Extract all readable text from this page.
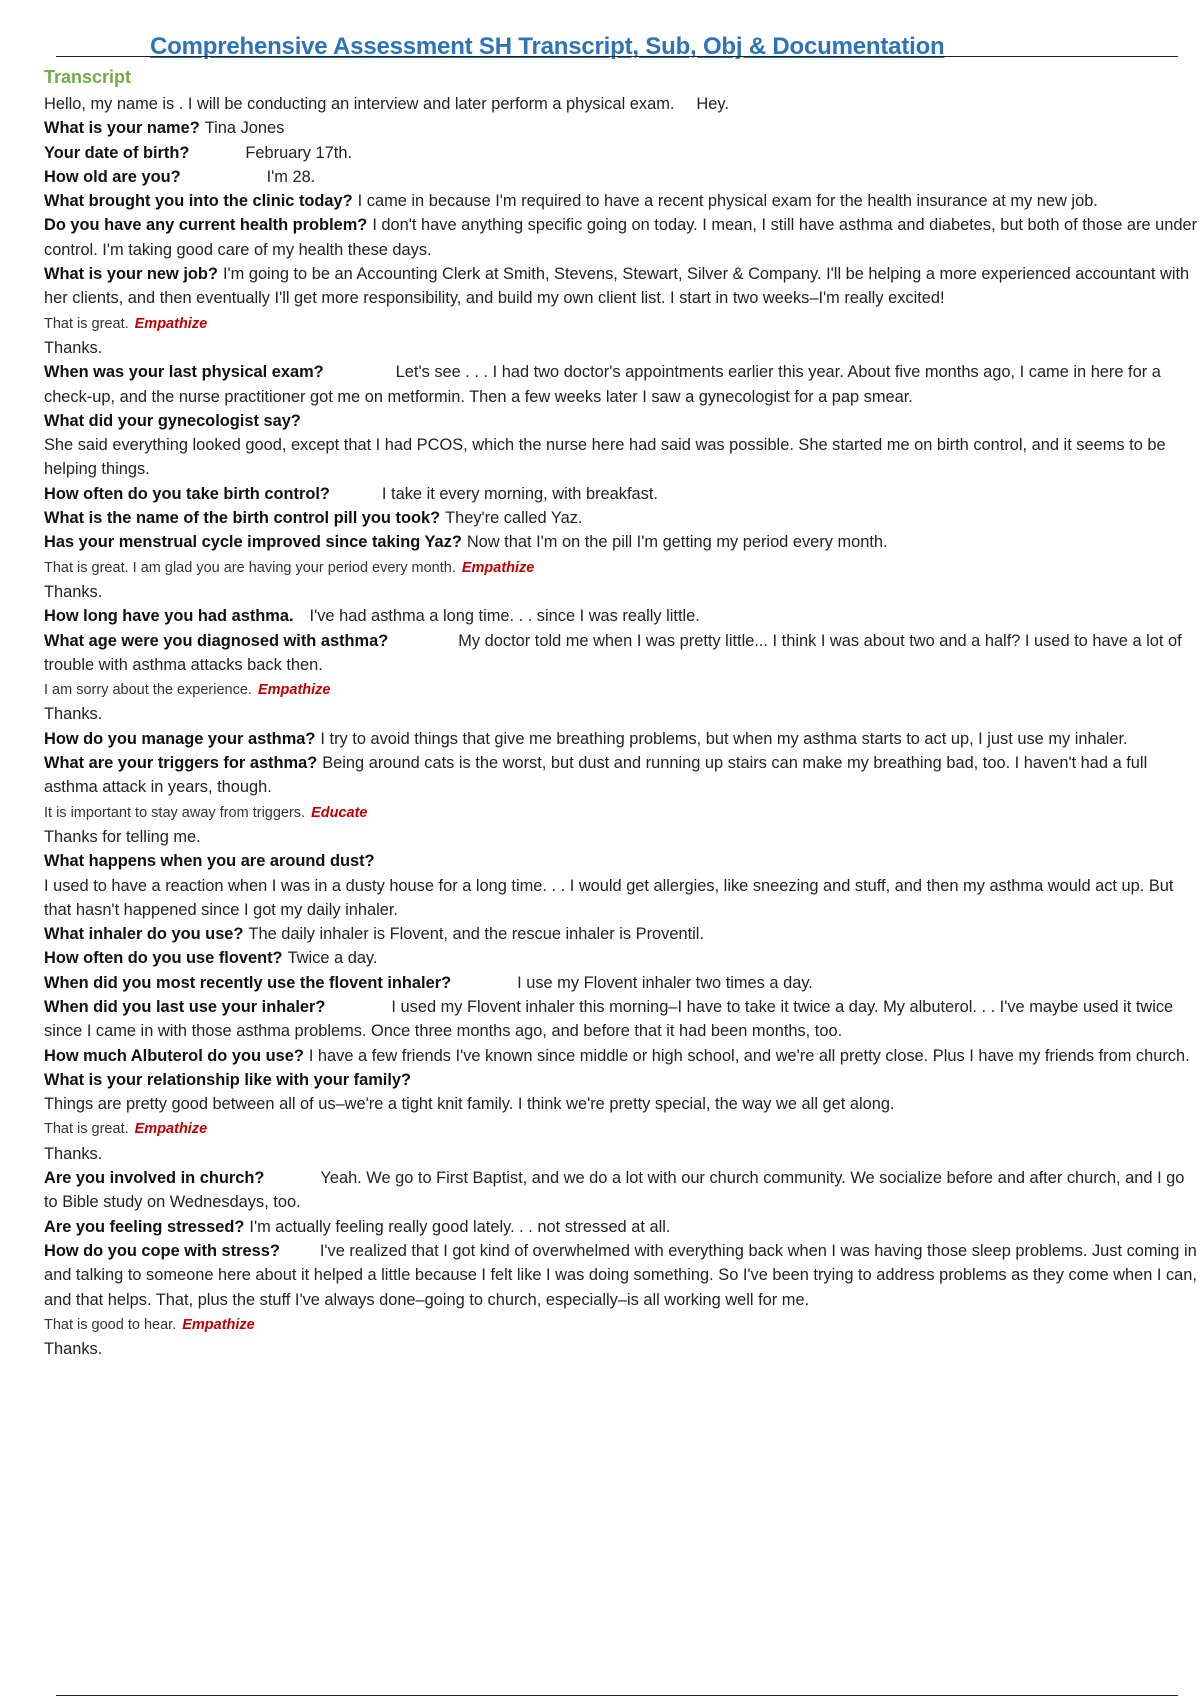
Comprehensive Assessment SH Transcript, Sub, Obj & Documentation
Transcript

Hello, my name is . I will be conducting an interview and later perform a physical exam. Hey.

What is your name? Tina Jones

Your date of birth?	February 17th.

How old are you?	I'm 28.

What brought you into the clinic today? I came in because I'm required to have a recent physical exam for the health insurance at my new job.

Do you have any current health problem? I don't have anything specific going on today. I mean, I still have asthma and diabetes, but both of those are under control. I'm taking good care of my health these days.

What is your new job? I'm going to be an Accounting Clerk at Smith, Stevens, Stewart, Silver & Company. I'll be helping a more experienced accountant with her clients, and then eventually I'll get more responsibility, and build my own client list. I start in two weeks–I'm really excited!

That is great. Empathize

Thanks.

When was your last physical exam?	Let's see . . . I had two doctor's appointments earlier this year. About five months ago, I came in here for a check-up, and the nurse practitioner got me on metformin. Then a few weeks later I saw a gynecologist for a pap smear.

What did your gynecologist say?

She said everything looked good, except that I had PCOS, which the nurse here had said was possible. She started me on birth control, and it seems to be helping things.

How often do you take birth control?	I take it every morning, with breakfast.

What is the name of the birth control pill you took? They're called Yaz.

Has your menstrual cycle improved since taking Yaz? Now that I'm on the pill I'm getting my period every month.

That is great. I am glad you are having your period every month. Empathize

Thanks.

How long have you had asthma. I've had asthma a long time. . . since I was really little.

What age were you diagnosed with asthma?	My doctor told me when I was pretty little... I think I was about two and a half? I used to have a lot of trouble with asthma attacks back then.

I am sorry about the experience. Empathize

Thanks.

How do you manage your asthma? I try to avoid things that give me breathing problems, but when my asthma starts to act up, I just use my inhaler.

What are your triggers for asthma? Being around cats is the worst, but dust and running up stairs can make my breathing bad, too. I haven't had a full asthma attack in years, though.

It is important to stay away from triggers. Educate

Thanks for telling me.

What happens when you are around dust?

I used to have a reaction when I was in a dusty house for a long time. . . I would get allergies, like sneezing and stuff, and then my asthma would act up. But that hasn't happened since I got my daily inhaler.

What inhaler do you use? The daily inhaler is Flovent, and the rescue inhaler is Proventil.

How often do you use flovent? Twice a day.

When did you most recently use the flovent inhaler?	I use my Flovent inhaler two times a day.

When did you last use your inhaler?	I used my Flovent inhaler this morning–I have to take it twice a day. My albuterol. . . I've maybe used it twice since I came in with those asthma problems. Once three months ago, and before that it had been months, too.

How much Albuterol do you use? I have a few friends I've known since middle or high school, and we're all pretty close. Plus I have my friends from church.

What is your relationship like with your family?

Things are pretty good between all of us–we're a tight knit family. I think we're pretty special, the way we all get along.

That is great. Empathize

Thanks.

Are you involved in church?	Yeah. We go to First Baptist, and we do a lot with our church community. We socialize before and after church, and I go to Bible study on Wednesdays, too.

Are you feeling stressed? I'm actually feeling really good lately. . . not stressed at all.

How do you cope with stress? I've realized that I got kind of overwhelmed with everything back when I was having those sleep problems. Just coming in and talking to someone here about it helped a little because I felt like I was doing something. So I've been trying to address problems as they come when I can, and that helps. That, plus the stuff I've always done–going to church, especially–is all working well for me.

That is good to hear. Empathize

Thanks.
